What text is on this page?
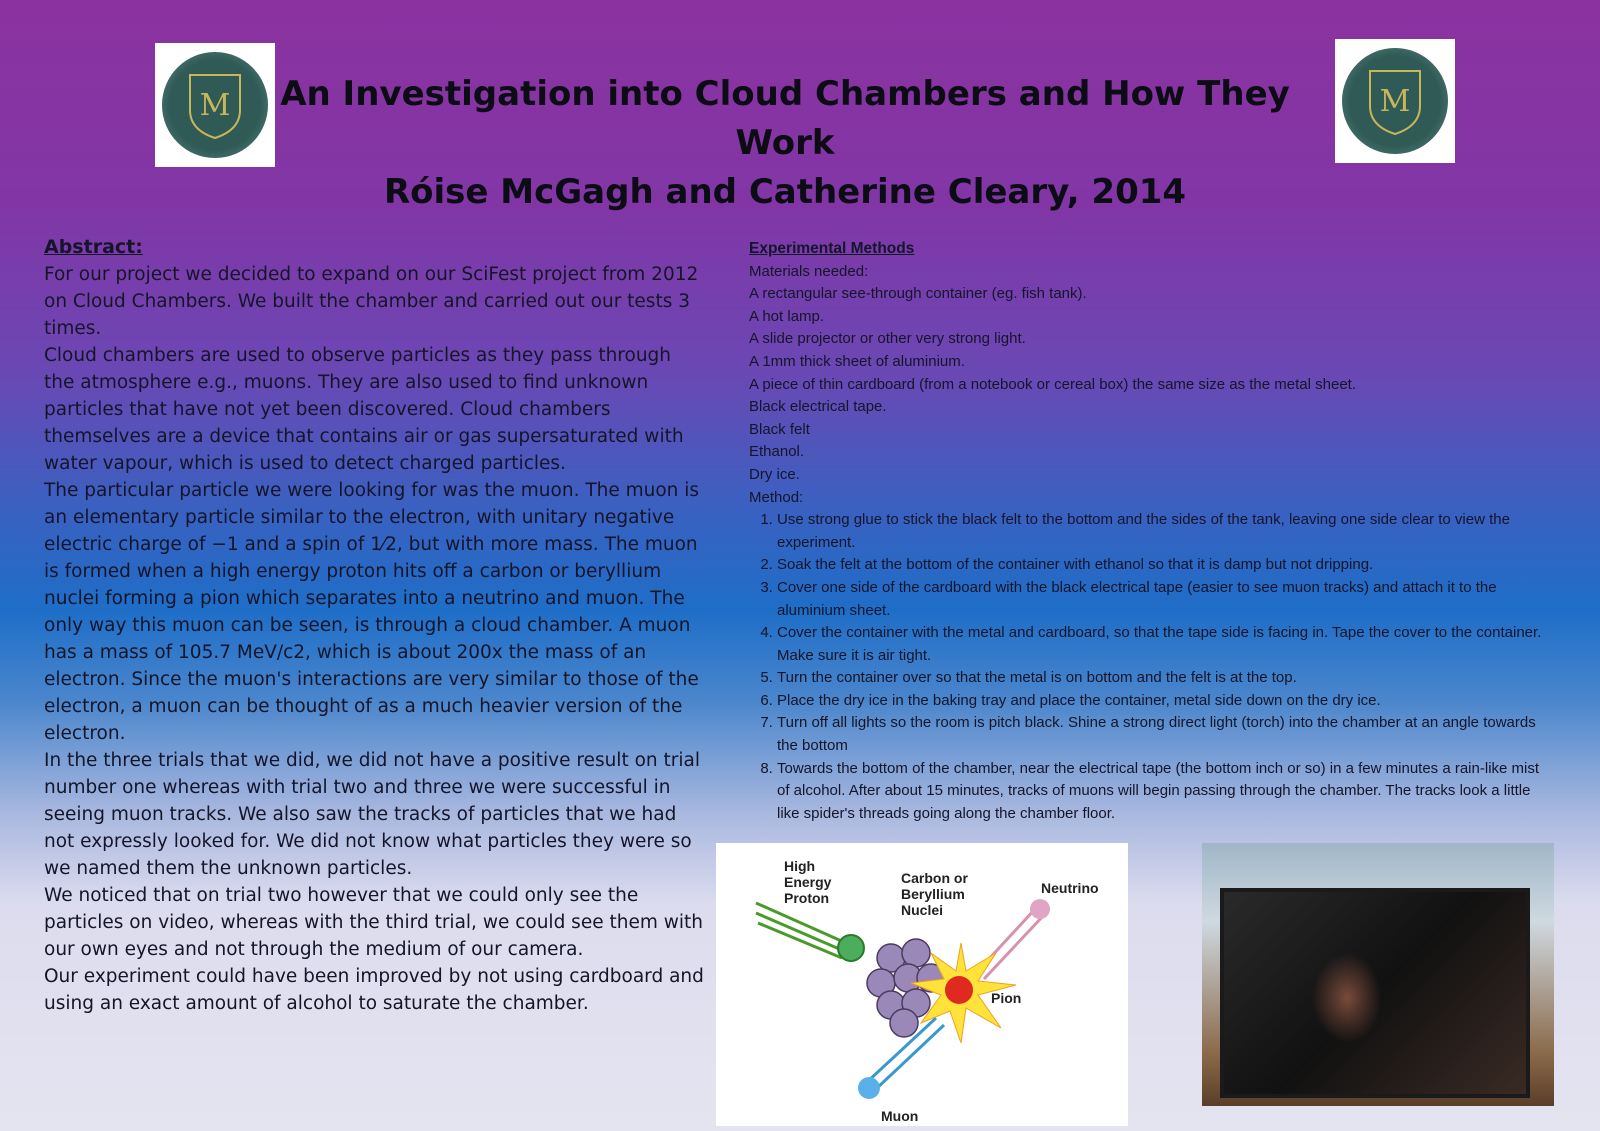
M	M
An Investigation into Cloud Chambers and How They Work
Róise McGagh and Catherine Cleary, 2014
Abstract:

For our project we decided to expand on our SciFest project from 2012 on Cloud Chambers. We built the chamber and carried out our tests 3 times.

Cloud chambers are used to observe particles as they pass through the atmosphere e.g., muons. They are also used to find unknown particles that have not yet been discovered. Cloud chambers themselves are a device that contains air or gas supersaturated with water vapour, which is used to detect charged particles.

The particular particle we were looking for was the muon. The muon is an elementary particle similar to the electron, with unitary negative electric charge of −1 and a spin of 1⁄2, but with more mass. The muon is formed when a high energy proton hits off a carbon or beryllium nuclei forming a pion which separates into a neutrino and muon. The only way this muon can be seen, is through a cloud chamber. A muon has a mass of 105.7 MeV/c2, which is about 200x the mass of an electron. Since the muon's interactions are very similar to those of the electron, a muon can be thought of as a much heavier version of the electron.

In the three trials that we did, we did not have a positive result on trial number one whereas with trial two and three we were successful in seeing muon tracks. We also saw the tracks of particles that we had not expressly looked for. We did not know what particles they were so we named them the unknown particles.

We noticed that on trial two however that we could only see the particles on video, whereas with the third trial, we could see them with our own eyes and not through the medium of our camera.

Our experiment could have been improved by not using cardboard and using an exact amount of alcohol to saturate the chamber.

Experimental Methods
Materials needed:
A rectangular see-through container (eg. fish tank).
A hot lamp.
A slide projector or other very strong light.
A 1mm thick sheet of aluminium.
A piece of thin cardboard (from a notebook or cereal box) the same size as the metal sheet.
Black electrical tape.
Black felt
Ethanol.
Dry ice.
Method:
1. Use strong glue to stick the black felt to the bottom and the sides of the tank, leaving one side clear to view the experiment.
2. Soak the felt at the bottom of the container with ethanol so that it is damp but not dripping.
3. Cover one side of the cardboard with the black electrical tape (easier to see muon tracks) and attach it to the aluminium sheet.
4. Cover the container with the metal and cardboard, so that the tape side is facing in. Tape the cover to the container. Make sure it is air tight.
5. Turn the container over so that the metal is on bottom and the felt is at the top.
6. Place the dry ice in the baking tray and place the container, metal side down on the dry ice.
7. Turn off all lights so the room is pitch black. Shine a strong direct light (torch) into the chamber at an angle towards the bottom
8. Towards the bottom of the chamber, near the electrical tape (the bottom inch or so) in a few minutes a rain-like mist of alcohol. After about 15 minutes, tracks of muons will begin passing through the chamber. The tracks look a little like spider's threads going along the chamber floor.
High
Energy
Proton
Carbon or
Beryllium
Nuclei
Neutrino
Pion
Muon
